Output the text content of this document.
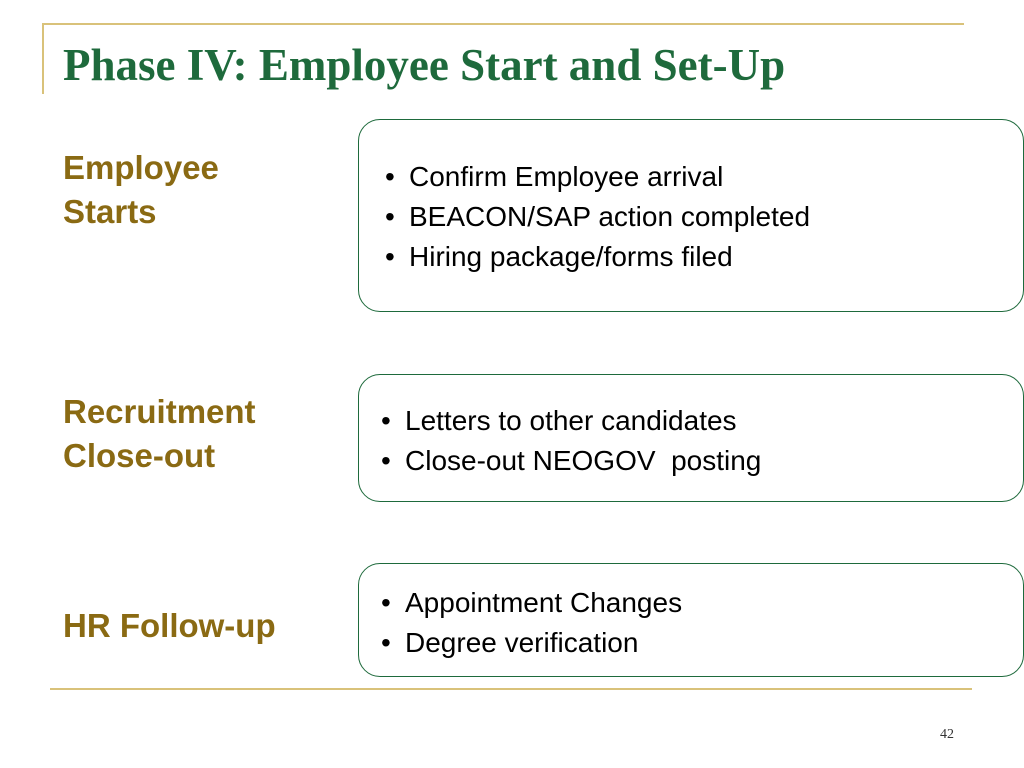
Phase IV: Employee Start and Set-Up
Employee
Starts
• Confirm Employee arrival
• BEACON/SAP action completed
• Hiring package/forms filed
Recruitment
Close-out
• Letters to other candidates
• Close-out NEOGOV  posting
HR Follow-up
• Appointment Changes
• Degree verification
42
